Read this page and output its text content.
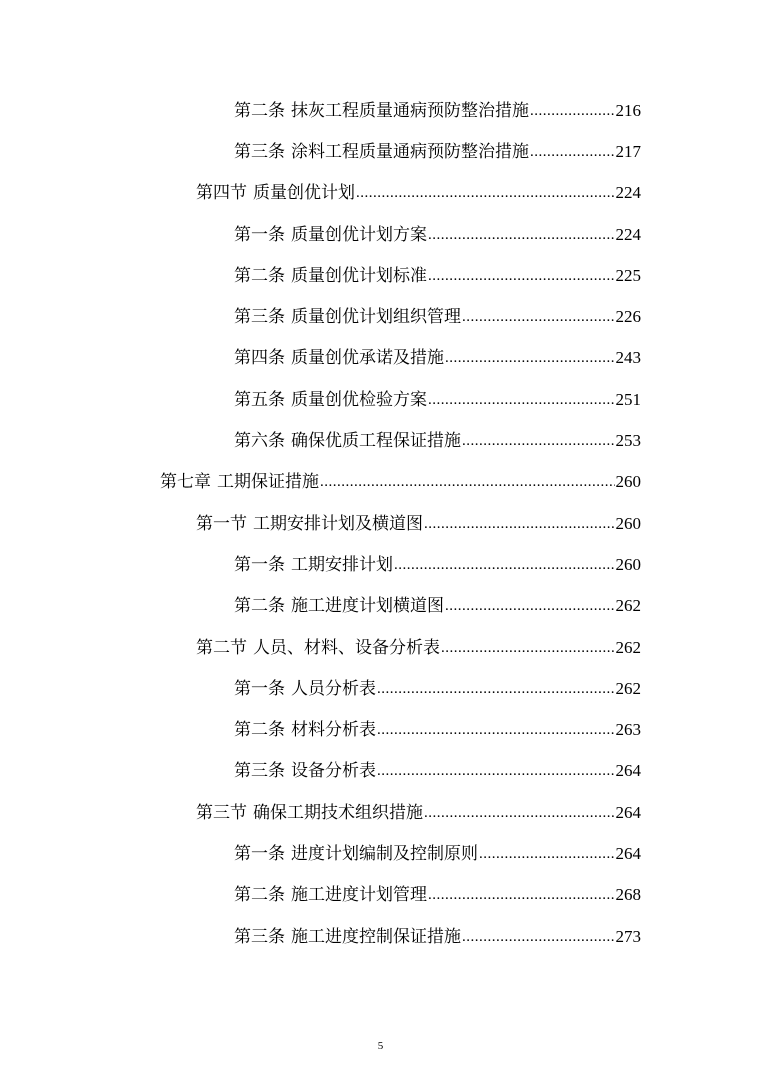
第二条 抹灰工程质量通病预防整治措施 .....	216
第三条 涂料工程质量通病预防整治措施 .....	217
第四节 质量创优计划 .....	224
第一条 质量创优计划方案 .....	224
第二条 质量创优计划标准 .....	225
第三条 质量创优计划组织管理 .....	226
第四条 质量创优承诺及措施 .....	243
第五条 质量创优检验方案 .....	251
第六条 确保优质工程保证措施 .....	253
第七章 工期保证措施 .....	260
第一节 工期安排计划及横道图 .....	260
第一条 工期安排计划 .....	260
第二条 施工进度计划横道图 .....	262
第二节 人员、材料、设备分析表 .....	262
第一条 人员分析表 .....	262
第二条 材料分析表 .....	263
第三条 设备分析表 .....	264
第三节 确保工期技术组织措施 .....	264
第一条 进度计划编制及控制原则 .....	264
第二条 施工进度计划管理 .....	268
第三条 施工进度控制保证措施 .....	273
5
